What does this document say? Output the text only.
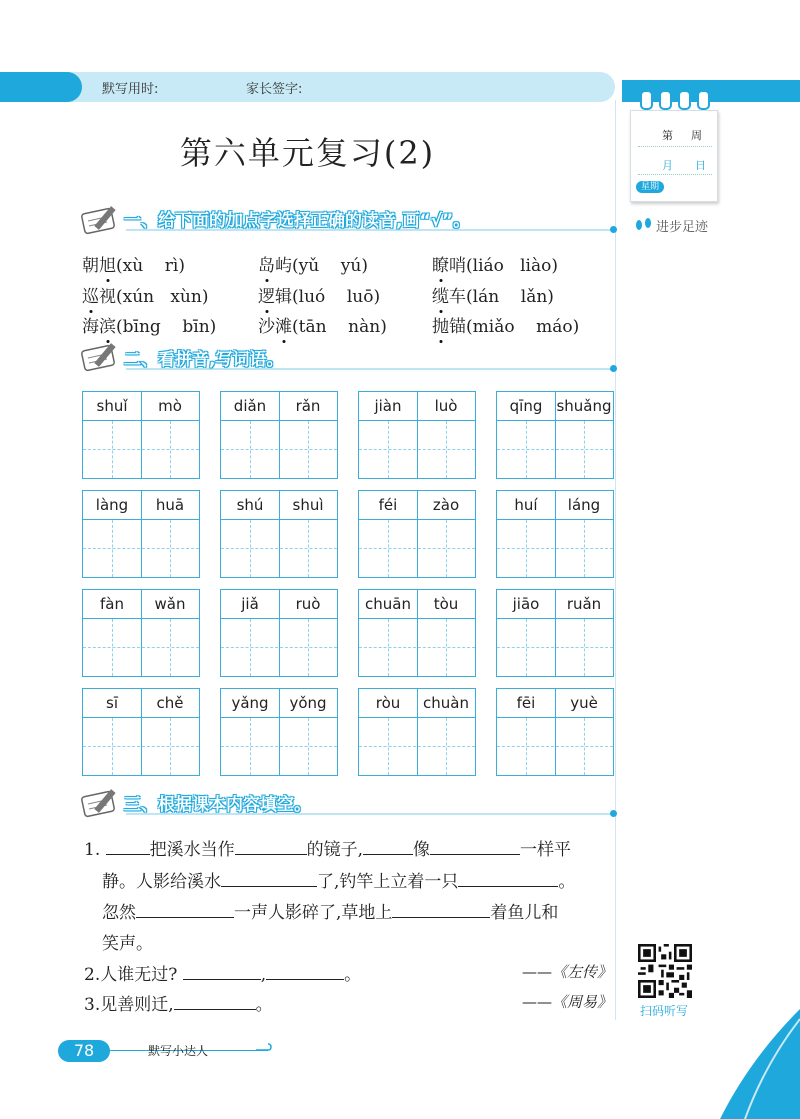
默写用时:	家长签字:
第 周
月 日
星期
进步足迹
第六单元复习(2)
一、给下面的加点字选择正确的读音,画“√”。
朝旭(xù    rì)	岛屿(yǔ    yú)	瞭哨(liáo   liào)
巡视(xún   xùn)	逻辑(luó    luō)	缆车(lán    lǎn)
海滨(bīng    bīn) 沙滩(tān    nàn)	抛锚(miǎo    máo)
二、看拼音,写词语。
shuǐ	mò	diǎn	rǎn	jiàn	luò	qīng shuǎng
làng	huā	shú	shuì	féi	zào	huí	láng
fàn	wǎn	jiǎ	ruò	chuān	tòu	jiāo	ruǎn
sī	chě	yǎng	yǒng	ròu	chuàn	fēi	yuè
三、根据课本内容填空。
1.	把溪水当作	的镜子,	像	一样平
静。人影给溪水	了,钓竿上立着一只	。
忽然	一声人影碎了,草地上	着鱼儿和
笑声。
2.人谁无过?	,	。	——《左传》
3.见善则迁,	。	——《周易》 扫码听写
78	默写小达人
